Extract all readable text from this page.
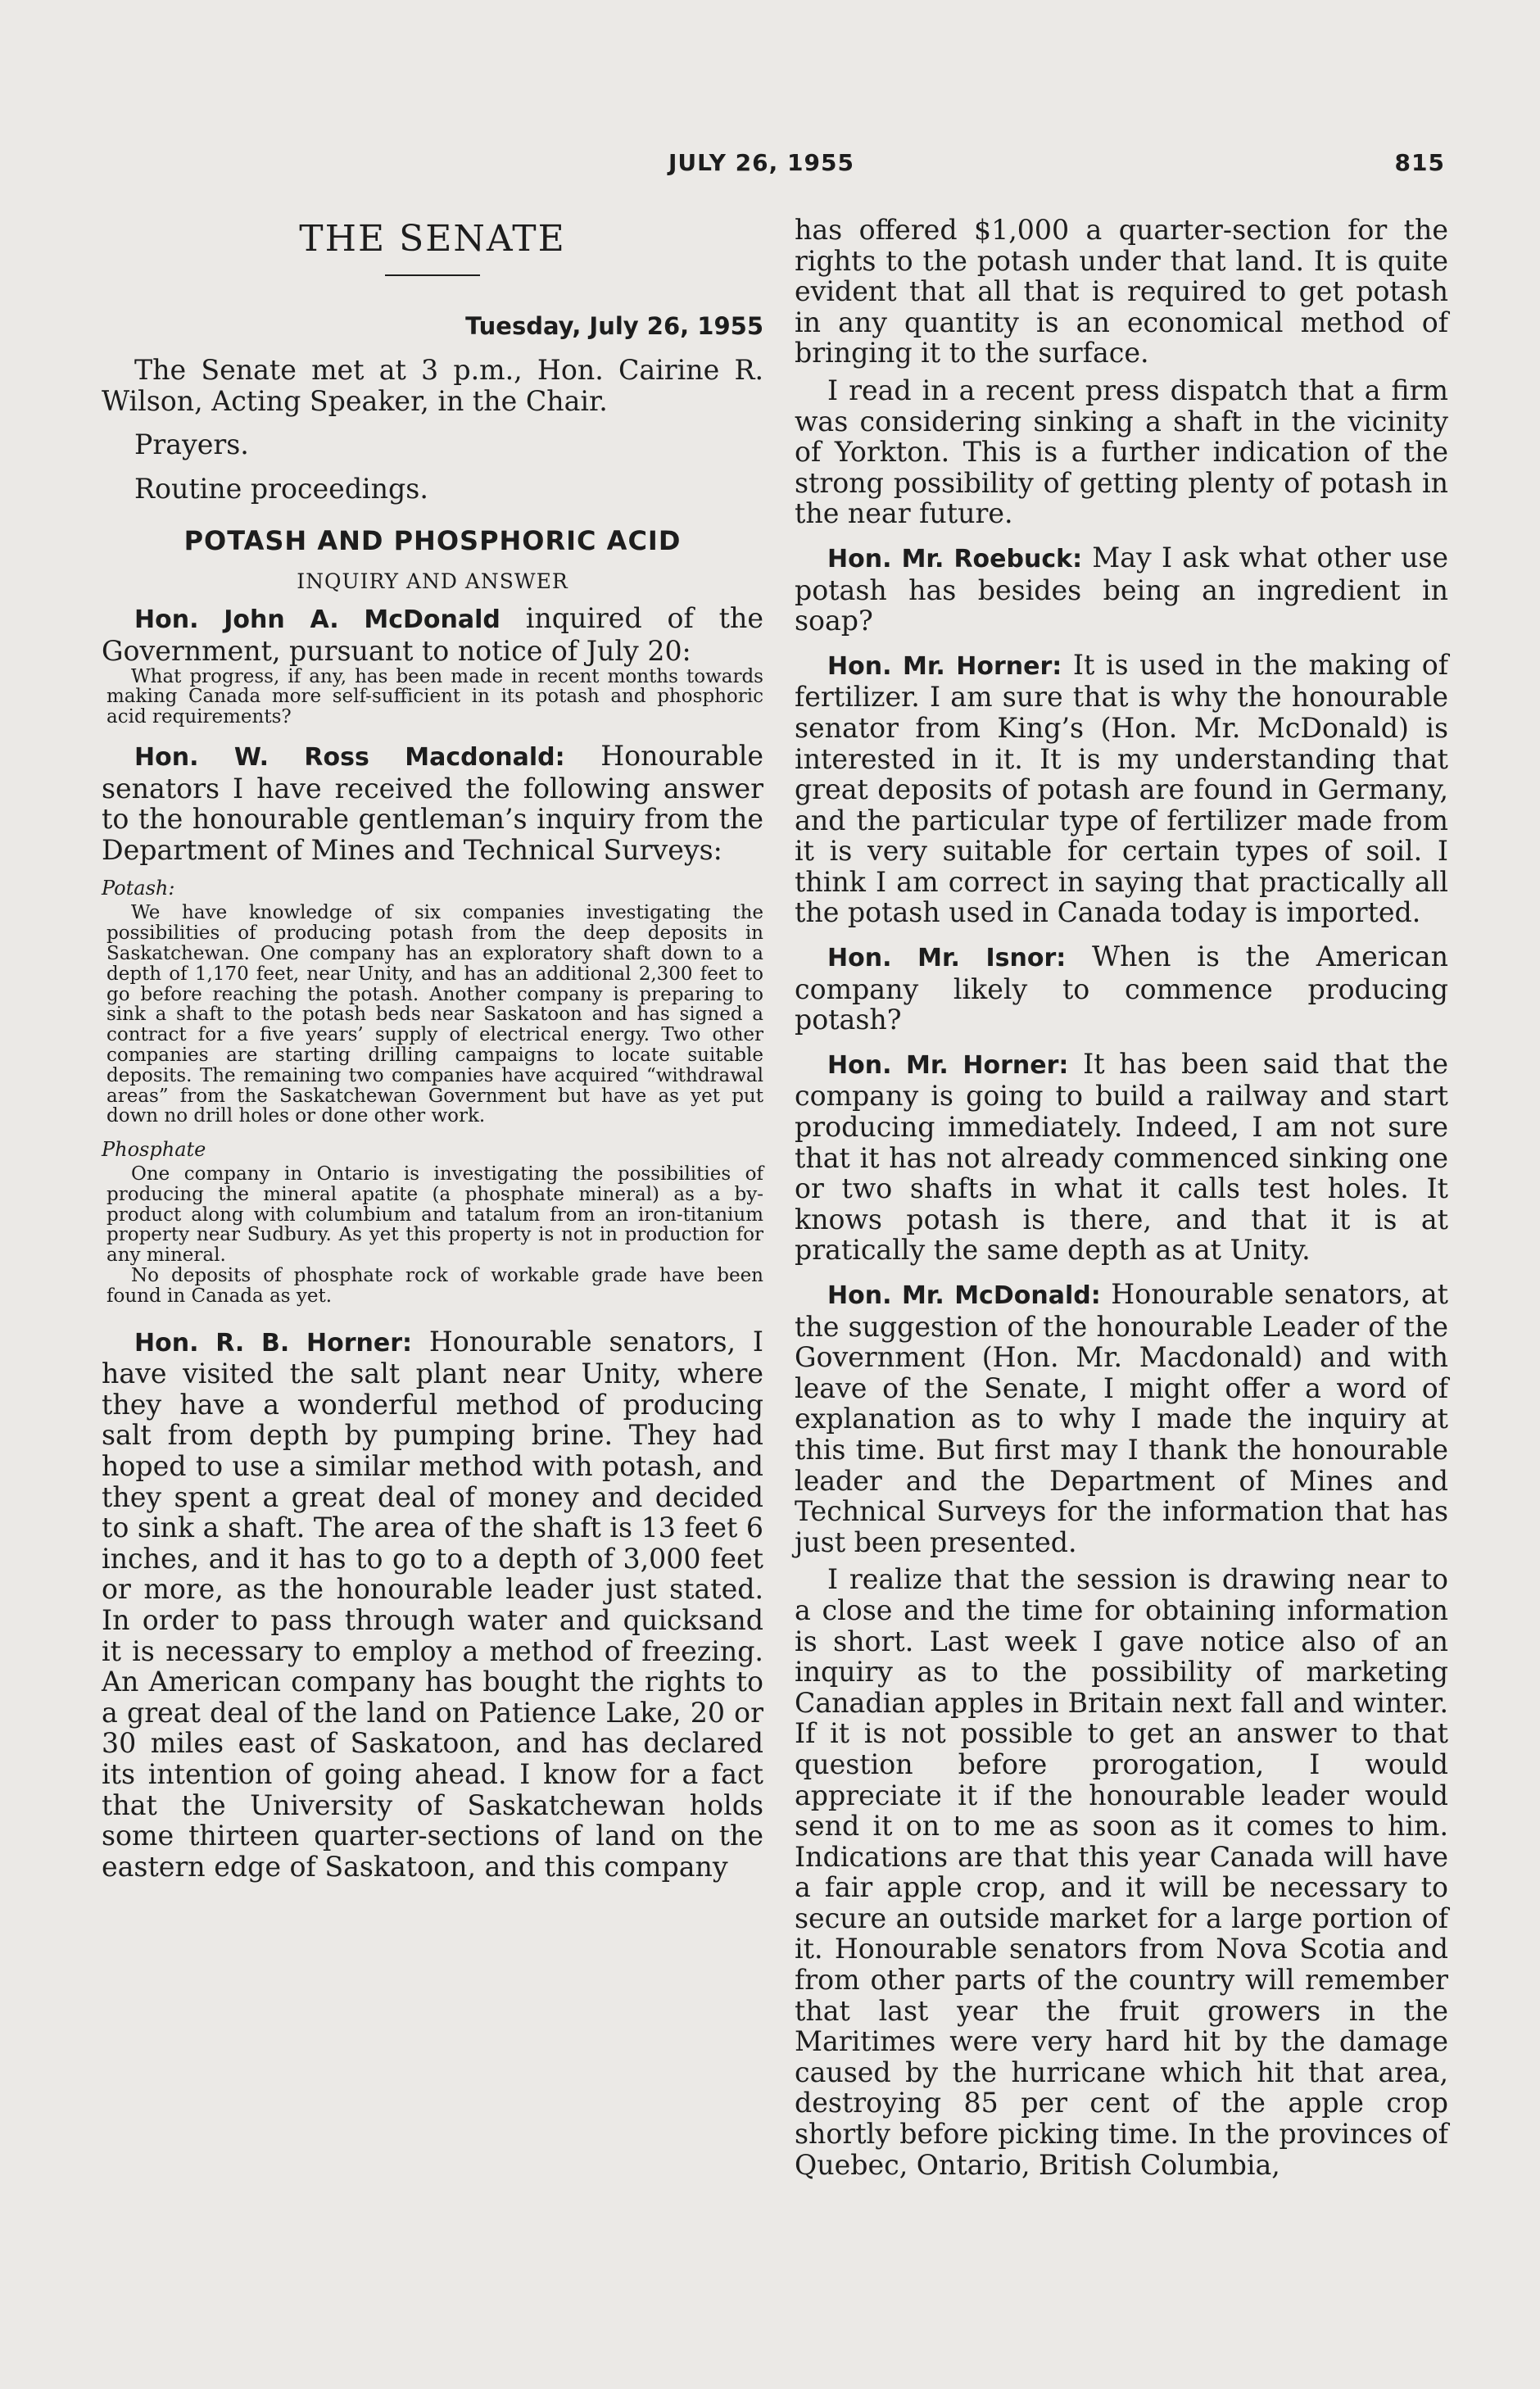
JULY 26, 1955	815
THE SENATE
Tuesday, July 26, 1955

The Senate met at 3 p.m., Hon. Cairine R. Wilson, Acting Speaker, in the Chair.

Prayers.

Routine proceedings.

POTASH AND PHOSPHORIC ACID
INQUIRY AND ANSWER

Hon. John A. McDonald inquired of the Government, pursuant to notice of July 20:

What progress, if any, has been made in recent months towards making Canada more self-sufficient in its potash and phosphoric acid requirements?

Hon. W. Ross Macdonald: Honourable senators I have received the following answer to the honourable gentleman’s inquiry from the Department of Mines and Technical Surveys:

Potash:

We have knowledge of six companies investigating the possibilities of producing potash from the deep deposits in Saskatchewan. One company has an exploratory shaft down to a depth of 1,170 feet, near Unity, and has an additional 2,300 feet to go before reaching the potash. Another company is preparing to sink a shaft to the potash beds near Saskatoon and has signed a contract for a five years’ supply of electrical energy. Two other companies are starting drilling campaigns to locate suitable deposits. The remaining two companies have acquired “withdrawal areas” from the Saskatchewan Government but have as yet put down no drill holes or done other work.

Phosphate

One company in Ontario is investigating the possibilities of producing the mineral apatite (a phosphate mineral) as a by-product along with columbium and tatalum from an iron-titanium property near Sudbury. As yet this property is not in production for any mineral.

No deposits of phosphate rock of workable grade have been found in Canada as yet.

Hon. R. B. Horner: Honourable senators, I have visited the salt plant near Unity, where they have a wonderful method of producing salt from depth by pumping brine. They had hoped to use a similar method with potash, and they spent a great deal of money and decided to sink a shaft. The area of the shaft is 13 feet 6 inches, and it has to go to a depth of 3,000 feet or more, as the honourable leader just stated. In order to pass through water and quicksand it is necessary to employ a method of freezing. An American company has bought the rights to a great deal of the land on Patience Lake, 20 or 30 miles east of Saskatoon, and has declared its intention of going ahead. I know for a fact that the University of Saskatchewan holds some thirteen quarter-sections of land on the eastern edge of Saskatoon, and this company

has offered $1,000 a quarter-section for the rights to the potash under that land. It is quite evident that all that is required to get potash in any quantity is an economical method of bringing it to the surface.

I read in a recent press dispatch that a firm was considering sinking a shaft in the vicinity of Yorkton. This is a further indication of the strong possibility of getting plenty of potash in the near future.

Hon. Mr. Roebuck: May I ask what other use potash has besides being an ingredient in soap?

Hon. Mr. Horner: It is used in the making of fertilizer. I am sure that is why the honourable senator from King’s (Hon. Mr. McDonald) is interested in it. It is my understanding that great deposits of potash are found in Germany, and the particular type of fertilizer made from it is very suitable for certain types of soil. I think I am correct in saying that practically all the potash used in Canada today is imported.

Hon. Mr. Isnor: When is the American company likely to commence producing potash?

Hon. Mr. Horner: It has been said that the company is going to build a railway and start producing immediately. Indeed, I am not sure that it has not already commenced sinking one or two shafts in what it calls test holes. It knows potash is there, and that it is at pratically the same depth as at Unity.

Hon. Mr. McDonald: Honourable senators, at the suggestion of the honourable Leader of the Government (Hon. Mr. Macdonald) and with leave of the Senate, I might offer a word of explanation as to why I made the inquiry at this time. But first may I thank the honourable leader and the Department of Mines and Technical Surveys for the information that has just been presented.

I realize that the session is drawing near to a close and the time for obtaining information is short. Last week I gave notice also of an inquiry as to the possibility of marketing Canadian apples in Britain next fall and winter. If it is not possible to get an answer to that question before prorogation, I would appreciate it if the honourable leader would send it on to me as soon as it comes to him. Indications are that this year Canada will have a fair apple crop, and it will be necessary to secure an outside market for a large portion of it. Honourable senators from Nova Scotia and from other parts of the country will remember that last year the fruit growers in the Maritimes were very hard hit by the damage caused by the hurricane which hit that area, destroying 85 per cent of the apple crop shortly before picking time. In the provinces of Quebec, Ontario, British Columbia,
